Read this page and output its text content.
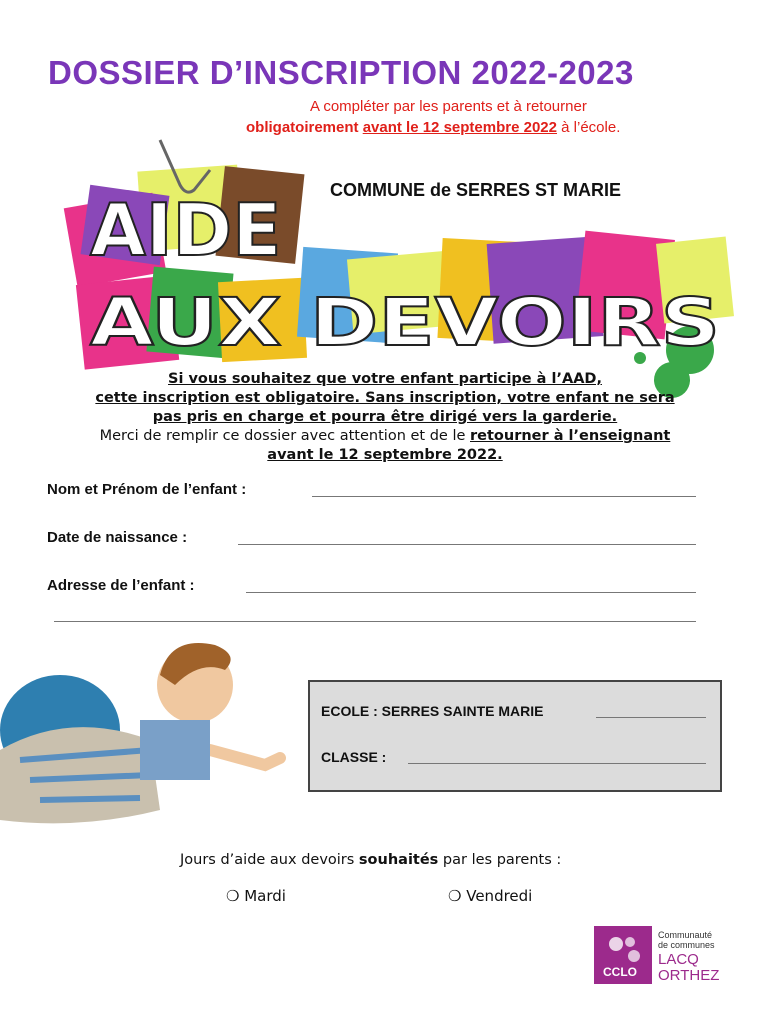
DOSSIER D’INSCRIPTION 2022-2023
A compléter par les parents et à retourner
obligatoirement avant le 12 septembre 2022 à l’école.
AIDE
AUX DEVOIRS
COMMUNE de SERRES ST MARIE
Si vous souhaitez que votre enfant participe à l’AAD,
cette inscription est obligatoire. Sans inscription, votre enfant ne sera
pas pris en charge et pourra être dirigé vers la garderie.
Merci de remplir ce dossier avec attention et de le retourner à l’enseignant
avant le 12 septembre 2022.
Nom et Prénom de l’enfant :
Date de naissance :
Adresse de l’enfant :
ECOLE : SERRES SAINTE MARIE
CLASSE :
Jours d’aide aux devoirs souhaités par les parents :
❍ Mardi	❍ Vendredi
CCLO
Communauté
de communes
LACQ
ORTHEZ
